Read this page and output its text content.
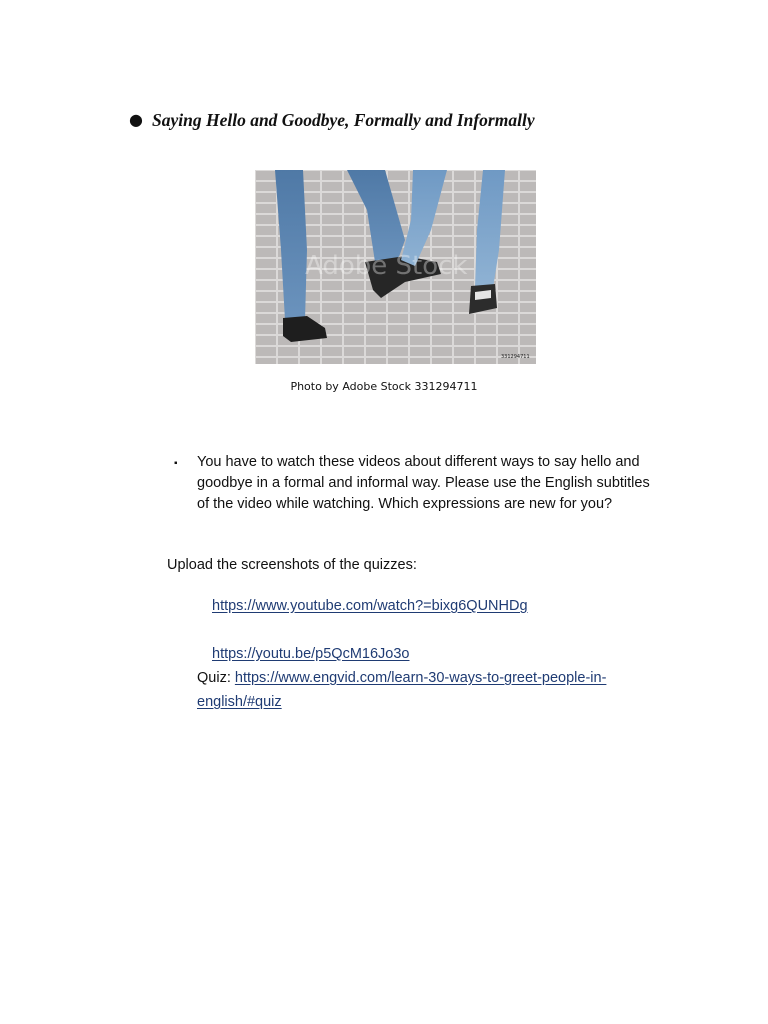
● Saying Hello and Goodbye, Formally and Informally
Adobe Stock
331294711
Photo by Adobe Stock 331294711
▪ You have to watch these videos about different ways to say hello and goodbye in a formal and informal way. Please use the English subtitles of the video while watching. Which expressions are new for you?
Upload the screenshots of the quizzes:
https://www.youtube.com/watch?=bixg6QUNHDg
https://youtu.be/p5QcM16Jo3o
Quiz: https://www.engvid.com/learn-30-ways-to-greet-people-in-english/#quiz
